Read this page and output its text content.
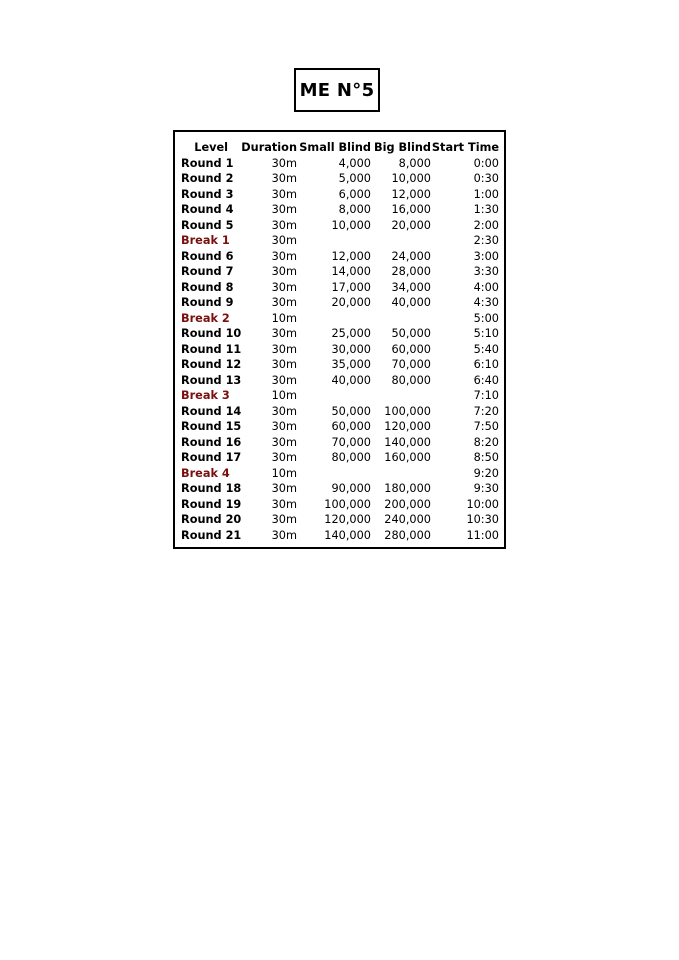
ME N°5
Level	Duration	Small Blind	Big Blind	Start Time
Round 1	30m	4,000	8,000	0:00
Round 2	30m	5,000	10,000	0:30
Round 3	30m	6,000	12,000	1:00
Round 4	30m	8,000	16,000	1:30
Round 5	30m	10,000	20,000	2:00
Break 1	30m			2:30
Round 6	30m	12,000	24,000	3:00
Round 7	30m	14,000	28,000	3:30
Round 8	30m	17,000	34,000	4:00
Round 9	30m	20,000	40,000	4:30
Break 2	10m			5:00
Round 10	30m	25,000	50,000	5:10
Round 11	30m	30,000	60,000	5:40
Round 12	30m	35,000	70,000	6:10
Round 13	30m	40,000	80,000	6:40
Break 3	10m			7:10
Round 14	30m	50,000	100,000	7:20
Round 15	30m	60,000	120,000	7:50
Round 16	30m	70,000	140,000	8:20
Round 17	30m	80,000	160,000	8:50
Break 4	10m			9:20
Round 18	30m	90,000	180,000	9:30
Round 19	30m	100,000	200,000	10:00
Round 20	30m	120,000	240,000	10:30
Round 21	30m	140,000	280,000	11:00
